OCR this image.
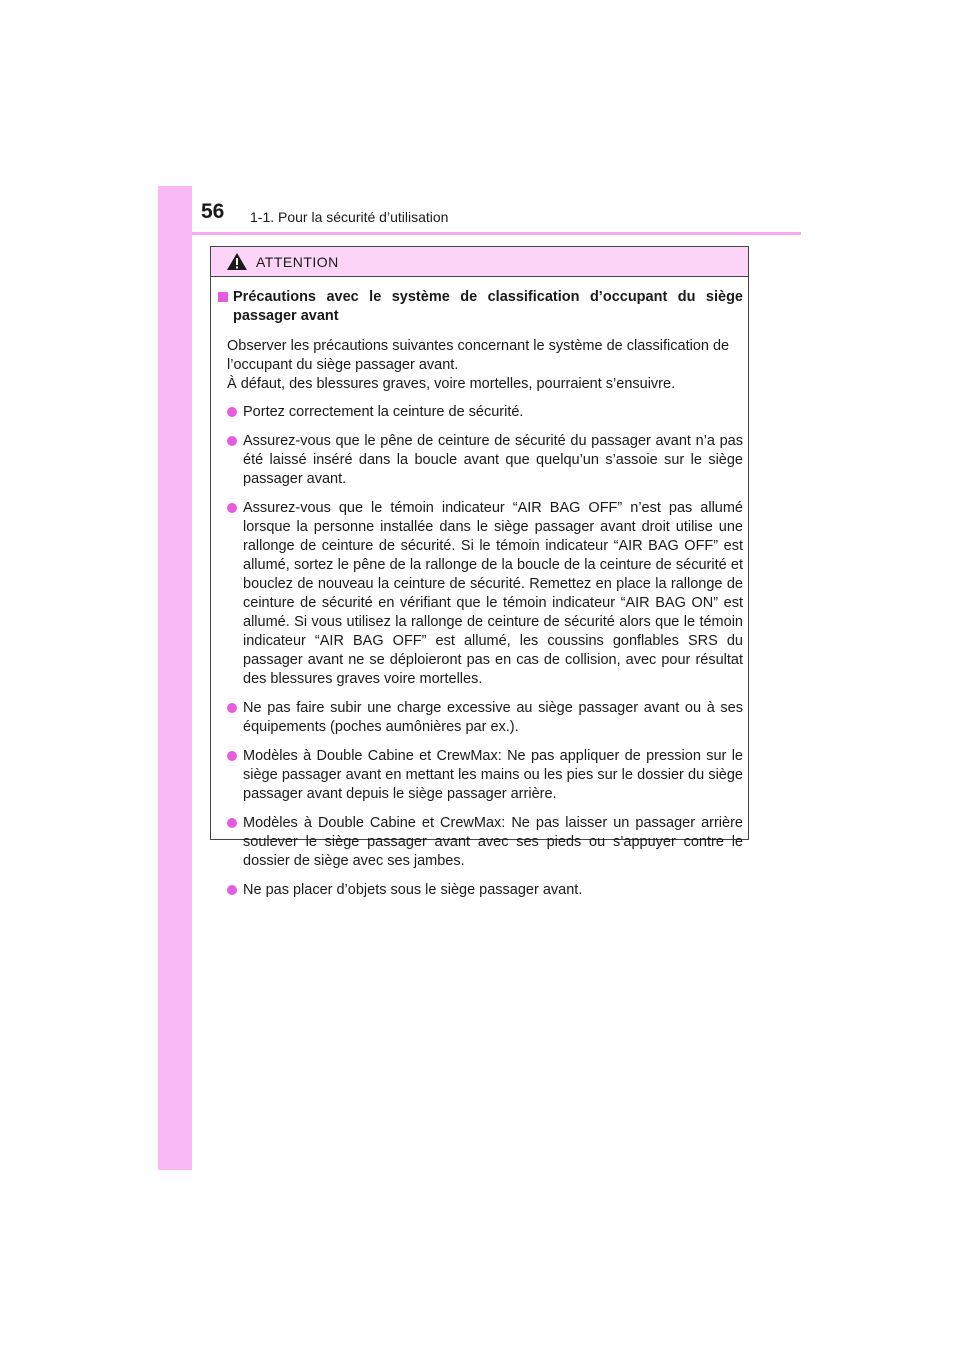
56 1-1. Pour la sécurité d’utilisation
ATTENTION
Précautions avec le système de classification d’occupant du siège passager avant

Observer les précautions suivantes concernant le système de classification de l’occupant du siège passager avant.

À défaut, des blessures graves, voire mortelles, pourraient s’ensuivre.

Portez correctement la ceinture de sécurité.
Assurez-vous que le pêne de ceinture de sécurité du passager avant n’a pas été laissé inséré dans la boucle avant que quelqu’un s’assoie sur le siège passager avant.
Assurez-vous que le témoin indicateur “AIR BAG OFF” n’est pas allumé lorsque la personne installée dans le siège passager avant droit utilise une rallonge de ceinture de sécurité. Si le témoin indicateur “AIR BAG OFF” est allumé, sortez le pêne de la rallonge de la boucle de la ceinture de sécurité et bouclez de nouveau la ceinture de sécurité. Remettez en place la rallonge de ceinture de sécurité en vérifiant que le témoin indicateur “AIR BAG ON” est allumé. Si vous utilisez la rallonge de ceinture de sécurité alors que le témoin indicateur “AIR BAG OFF” est allumé, les coussins gonflables SRS du passager avant ne se déploieront pas en cas de collision, avec pour résultat des blessures graves voire mortelles.
Ne pas faire subir une charge excessive au siège passager avant ou à ses équipements (poches aumônières par ex.).
Modèles à Double Cabine et CrewMax: Ne pas appliquer de pression sur le siège passager avant en mettant les mains ou les pies sur le dossier du siège passager avant depuis le siège passager arrière.
Modèles à Double Cabine et CrewMax: Ne pas laisser un passager arrière soulever le siège passager avant avec ses pieds ou s’appuyer contre le dossier de siège avec ses jambes.
Ne pas placer d’objets sous le siège passager avant.
